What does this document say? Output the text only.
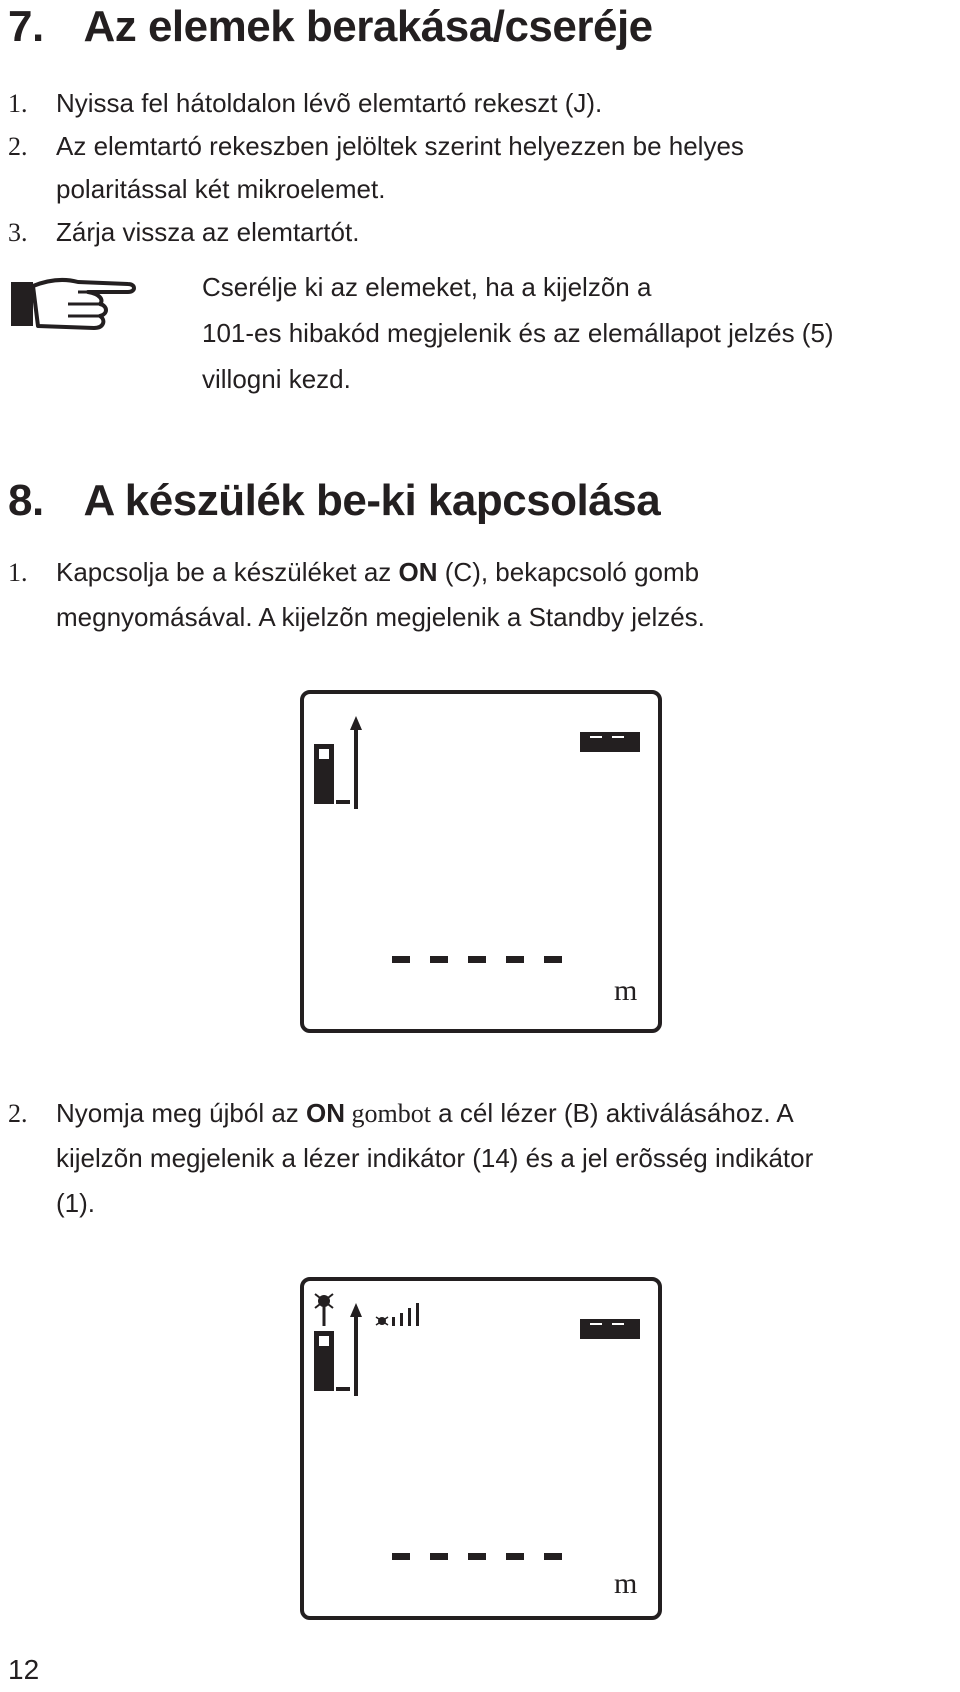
7. Az elemek berakása/cseréje
1. Nyissa fel hátoldalon lévõ elemtartó rekeszt (J).
2. Az elemtartó rekeszben jelöltek szerint helyezzen be helyes
polaritással két mikroelemet.
3. Zárja vissza az elemtartót.
Cserélje ki az elemeket, ha a kijelzõn a
101-es hibakód megjelenik és az elemállapot jelzés (5)
villogni kezd.
8. A készülék be-ki kapcsolása
1. Kapcsolja be a készüléket az ON (C), bekapcsoló gomb
megnyomásával. A kijelzõn megjelenik a Standby jelzés.
m
2. Nyomja meg újból az ON gombot a cél lézer (B) aktiválásához. A
kijelzõn megjelenik a lézer indikátor (14) és a jel erõsség indikátor
(1).
m
12
